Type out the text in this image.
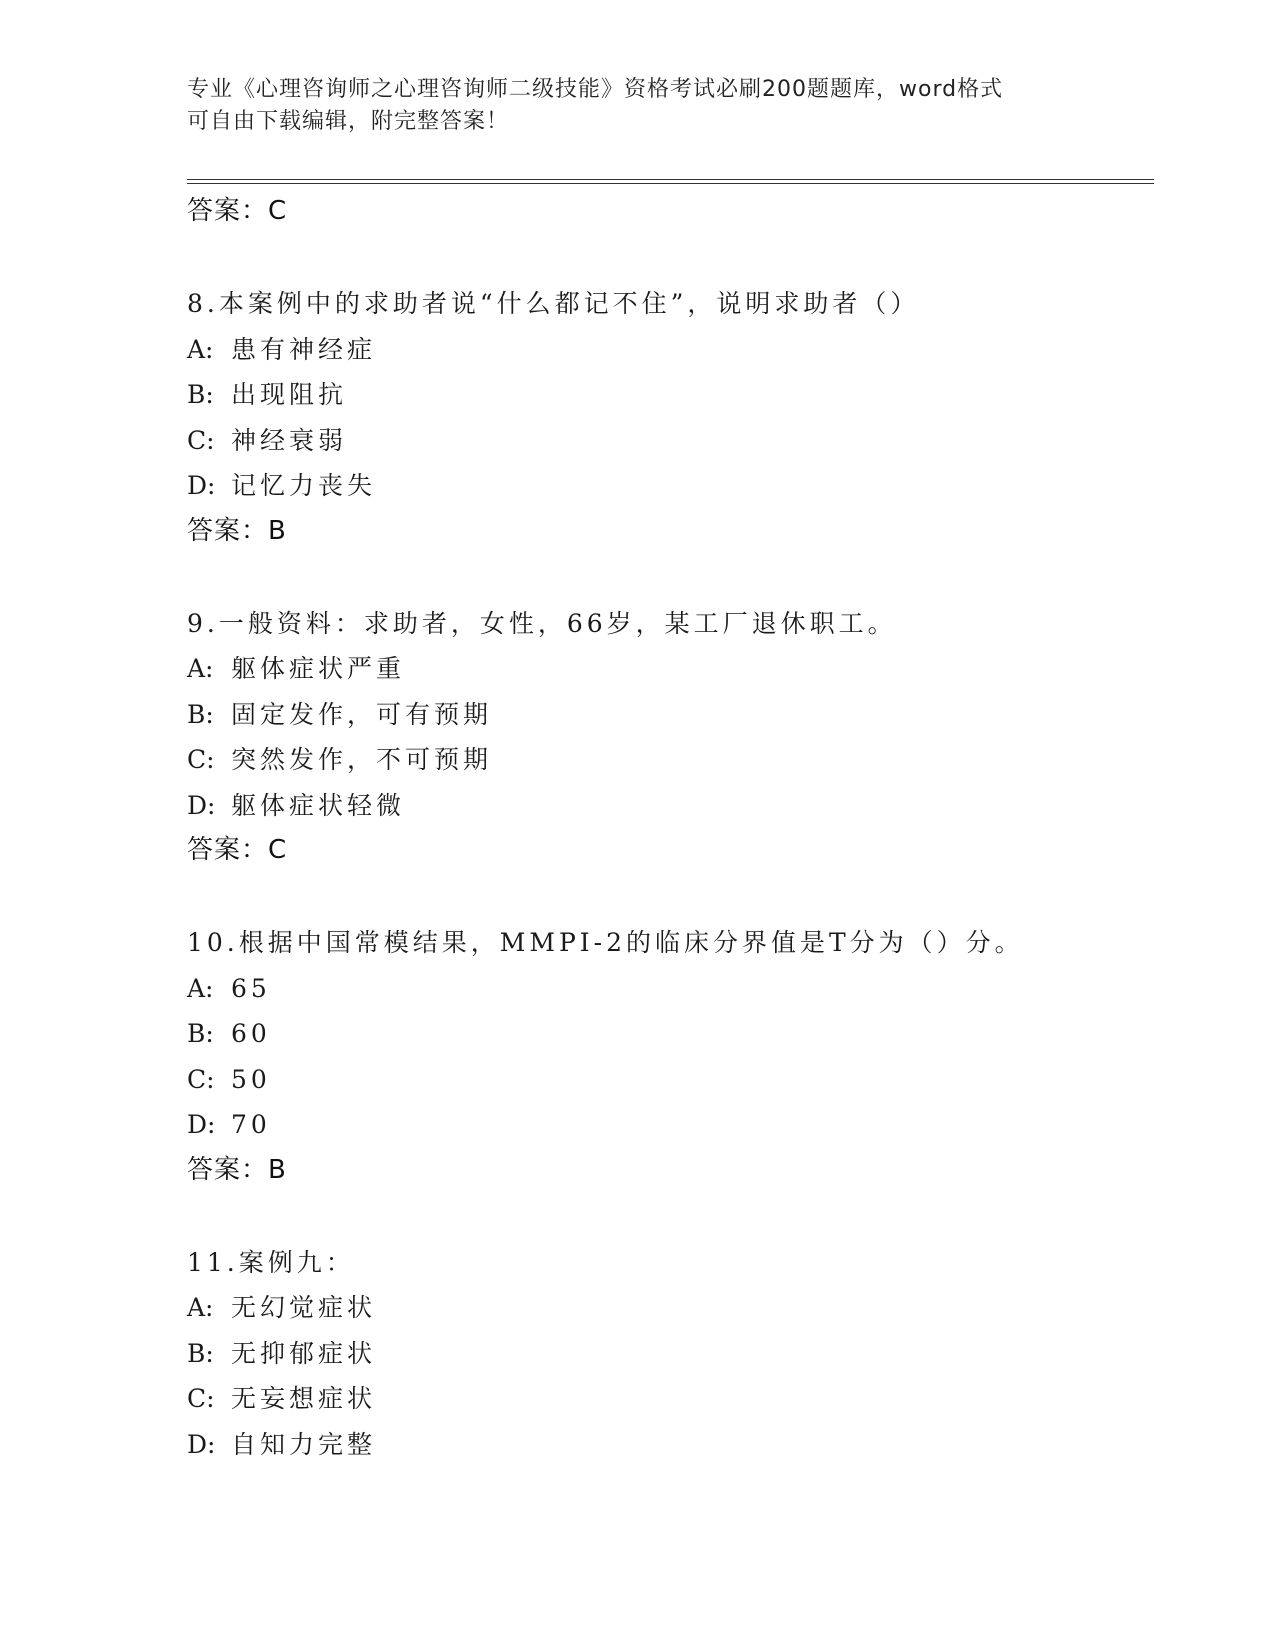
专业《心理咨询师之心理咨询师二级技能》资格考试必刷200题题库，word格式
可自由下载编辑，附完整答案！
答案：C
8.本案例中的求助者说“什么都记不住”，说明求助者（）
A: 患有神经症
B: 出现阻抗
C: 神经衰弱
D: 记忆力丧失
答案：B
9.一般资料：求助者，女性，66岁，某工厂退休职工。
A: 躯体症状严重
B: 固定发作，可有预期
C: 突然发作，不可预期
D: 躯体症状轻微
答案：C
10.根据中国常模结果，MMPI-2的临床分界值是T分为（）分。
A: 65
B: 60
C: 50
D: 70
答案：B
11.案例九：
A: 无幻觉症状
B: 无抑郁症状
C: 无妄想症状
D: 自知力完整
